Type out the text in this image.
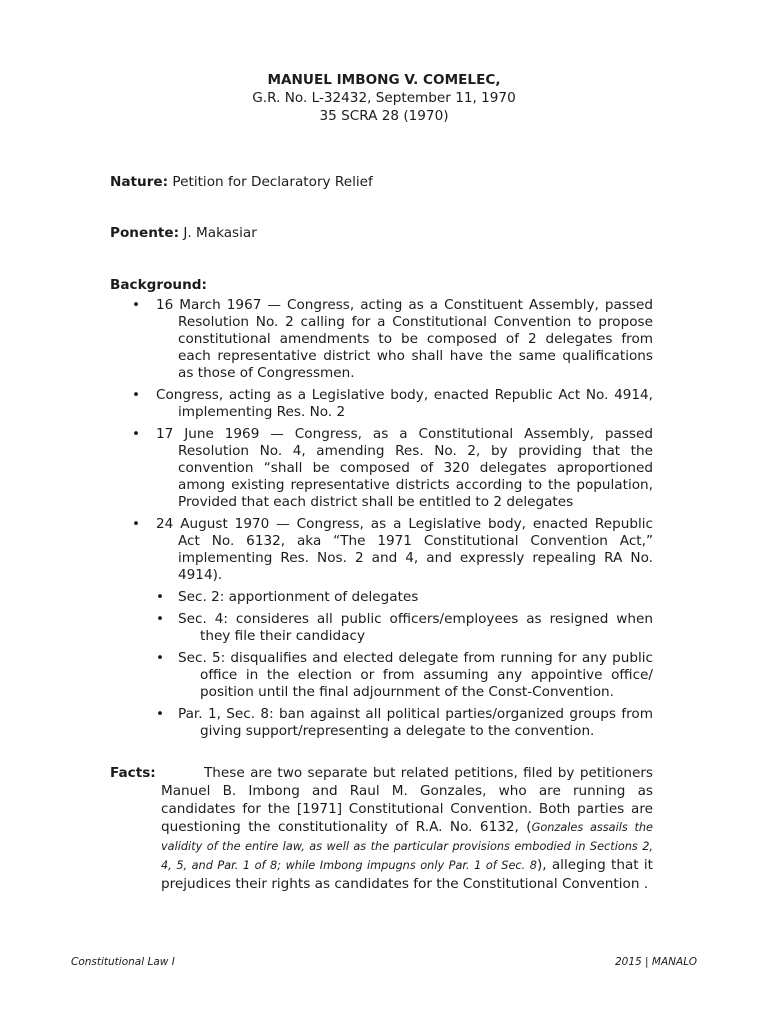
MANUEL IMBONG V. COMELEC,
G.R. No. L-32432, September 11, 1970
35 SCRA 28 (1970)
Nature: Petition for Declaratory Relief
Ponente: J. Makasiar
Background:
•	16 March 1967 — Congress, acting as a Constituent Assembly, passed Resolution No. 2 calling for a Constitutional Convention to propose constitutional amendments to be composed of 2 delegates from each representative district who shall have the same qualifications as those of Congressmen.
•	Congress, acting as a Legislative body, enacted Republic Act No. 4914, implementing Res. No. 2
•	17 June 1969 — Congress, as a Constitutional Assembly, passed Resolution No. 4, amending Res. No. 2, by providing that the convention “shall be composed of 320 delegates aproportioned among existing representative districts according to the population, Provided that each district shall be entitled to 2 delegates
•	24 August 1970 — Congress, as a Legislative body, enacted Republic Act No. 6132, aka “The 1971 Constitutional Convention Act,” implementing Res. Nos. 2 and 4, and expressly repealing RA No. 4914).
•	Sec. 2: apportionment of delegates
•	Sec. 4: consideres all public officers/employees as resigned when they file their candidacy
•	Sec. 5: disqualifies and elected delegate from running for any public office in the election or from assuming any appointive office/ position until the final adjournment of the Const-Convention.
•	Par. 1, Sec. 8: ban against all political parties/organized groups from giving support/representing a delegate to the convention.
Facts:	These are two separate but related petitions, filed by petitioners Manuel B. Imbong and Raul M. Gonzales, who are running as candidates for the [1971] Constitutional Convention. Both parties are questioning the constitutionality of R.A. No. 6132, (Gonzales assails the validity of the entire law, as well as the particular provisions embodied in Sections 2, 4, 5, and Par. 1 of 8; while Imbong impugns only Par. 1 of Sec. 8), alleging that it prejudices their rights as candidates for the Constitutional Convention .
Constitutional Law I	2015 | MANALO
